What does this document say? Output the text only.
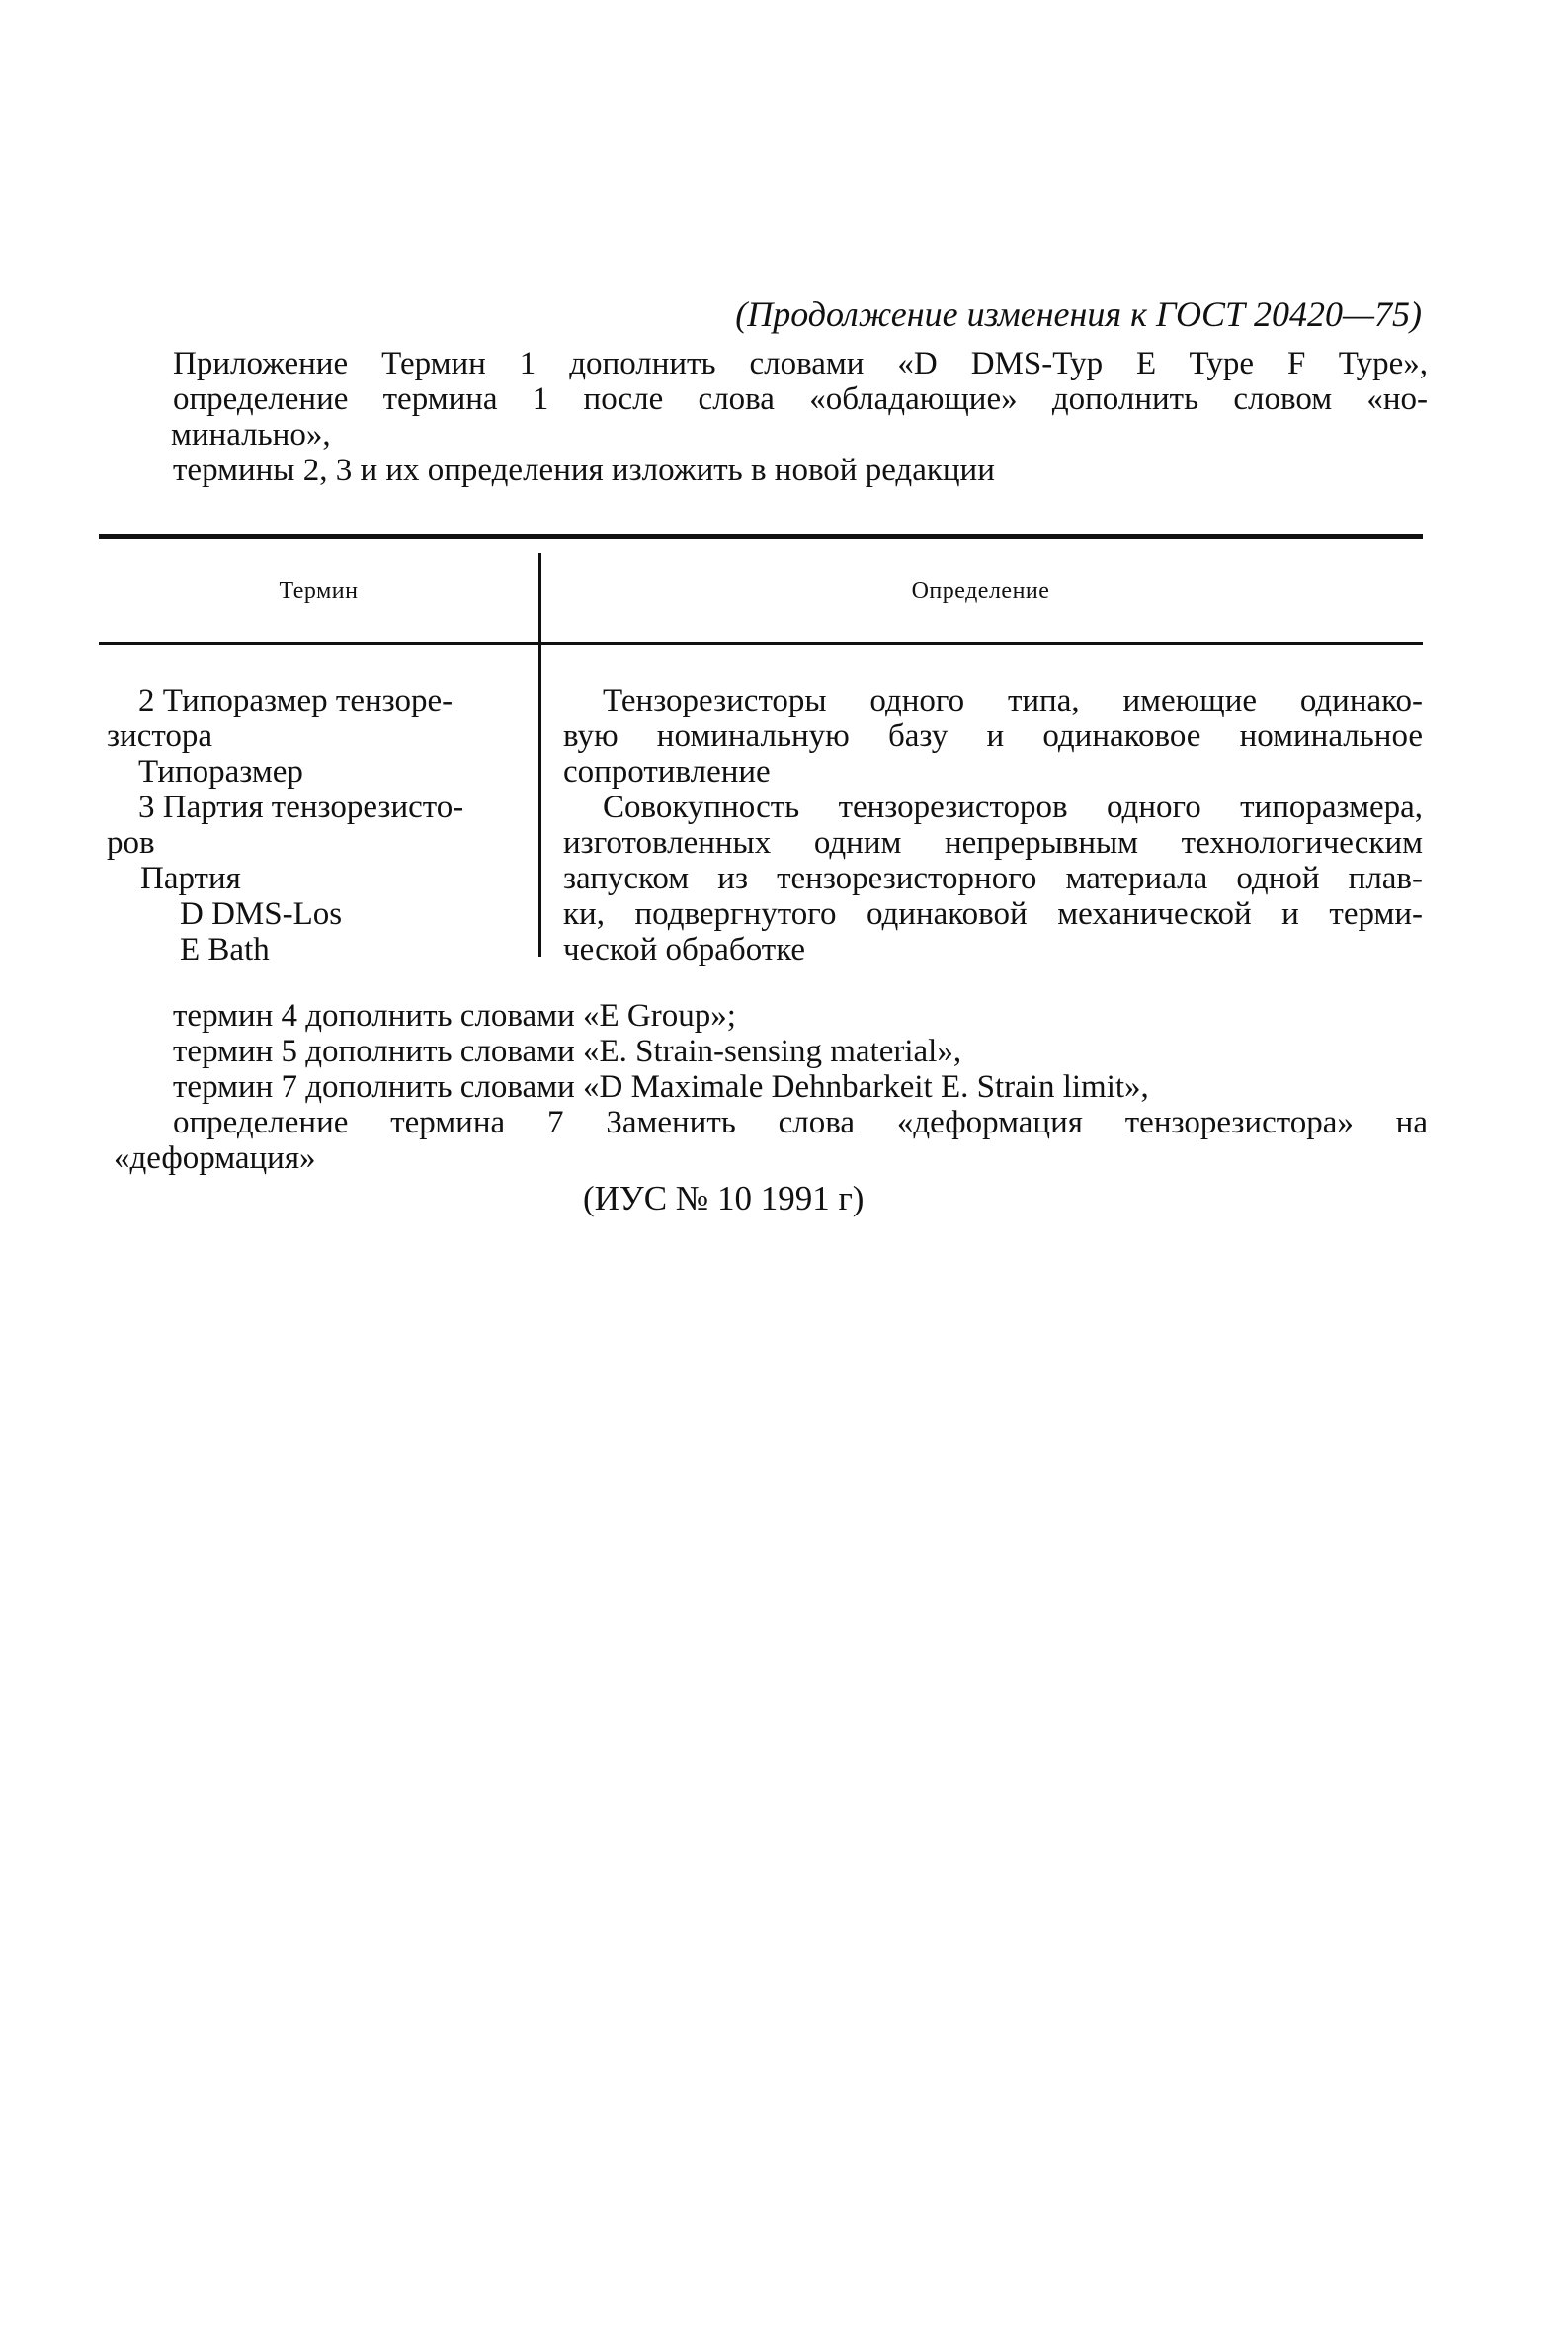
(Продолжение изменения к ГОСТ 20420—75)

Приложение Термин 1 дополнить словами «D DMS-Typ E Type F Type»,

определение термина 1 после слова «обладающие» дополнить словом «но-

минально»,

термины 2, 3 и их определения изложить в новой редакции

Термин	Определение
2 Типоразмер тензоре-
зистора
Типоразмер
3 Партия тензорезисто-
ров
Партия
D DMS-Los
E Bath
Тензорезисторы одного типа, имеющие одинако-
вую номинальную базу и одинаковое номинальное
сопротивление
Совокупность тензорезисторов одного типоразмера,
изготовленных одним непрерывным технологическим
запуском из тензорезисторного материала одной плав-
ки, подвергнутого одинаковой механической и терми-
ческой обработке

термин 4 дополнить словами «E Group»;

термин 5 дополнить словами «E. Strain-sensing material»,

термин 7 дополнить словами «D Maximale Dehnbarkeit E. Strain limit»,

определение термина 7 Заменить слова «деформация тензорезистора» на

«деформация»

(ИУС № 10 1991 г)
